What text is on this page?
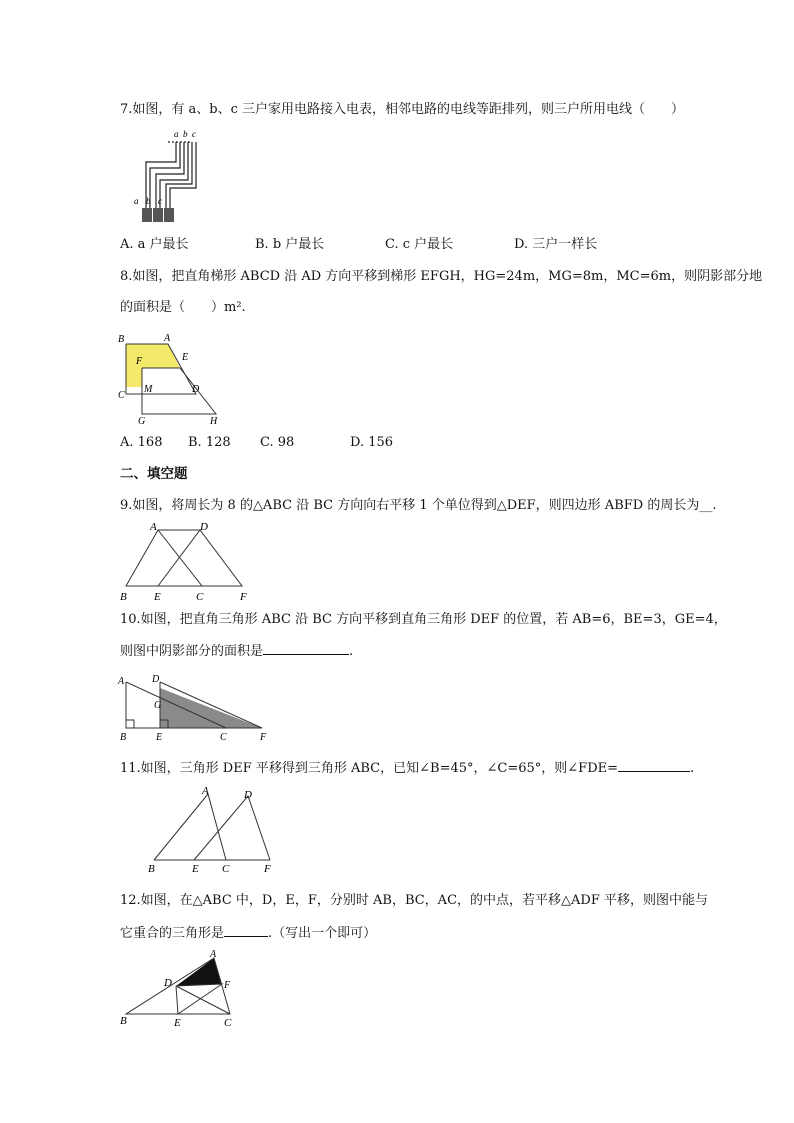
7.如图，有 a、b、c 三户家用电路接入电表，相邻电路的电线等距排列，则三户所用电线（　　）
a b c
a b c
A. a 户最长	B. b 户最长	C. c 户最长	D. 三户一样长
8.如图，把直角梯形 ABCD 沿 AD 方向平移到梯形 EFGH，HG=24m，MG=8m，MC=6m，则阴影部分地
的面积是（　　）m².
B	A
E
F
C
M	D
G	H
A. 168 B. 128 C. 98	D. 156
二、填空题
9.如图，将周长为 8 的△ABC 沿 BC 方向向右平移 1 个单位得到△DEF，则四边形 ABFD 的周长为__.
A	D
B E	C	F
10.如图，把直角三角形 ABC 沿 BC 方向平移到直角三角形 DEF 的位置，若 AB=6，BE=3，GE=4，
则图中阴影部分的面积是	.
A	D
G
B	E	C	F
11.如图，三角形 DEF 平移得到三角形 ABC，已知∠B=45°，∠C=65°，则∠FDE=	.
A	D
B	E C	F
12.如图，在△ABC 中，D，E，F，分别时 AB，BC，AC，的中点，若平移△ADF 平移，则图中能与
它重合的三角形是	.（写出一个即可）
A
D	F
B	E	C
